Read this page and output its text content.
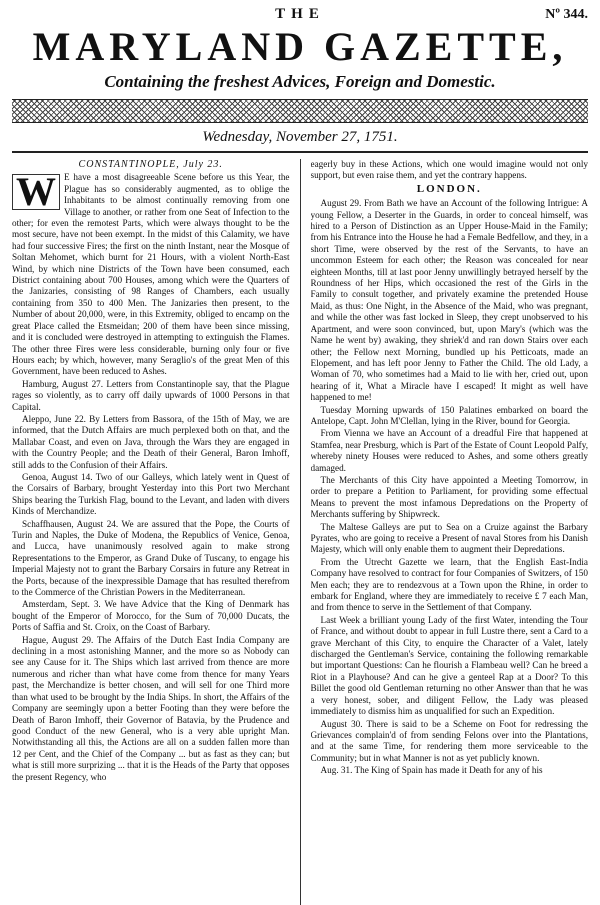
THE	Nº 344.
MARYLAND GAZETTE,
Containing the freshest Advices, Foreign and Domestic.
Wednesday, November 27, 1751.
CONSTANTINOPLE, July 23.

W E have a most disagreeable Scene before us this Year, the Plague has so considerably augmented, as to oblige the Inhabitants to be almost continually removing from one Village to another, or rather from one Seat of Infection to the other; for even the remotest Parts, which were always thought to be the most secure, have not been exempt. In the midst of this Calamity, we have had four successive Fires; the first on the ninth Instant, near the Mosque of Soltan Mehomet, which burnt for 21 Hours, with a violent North-East Wind, by which nine Districts of the Town have been consumed, each District containing about 700 Houses, among which were the Quarters of the Janizaries, consisting of 98 Ranges of Chambers, each usually containing from 350 to 400 Men. The Janizaries then present, to the Number of about 20,000, were, in this Extremity, obliged to encamp on the great Place called the Etsmeidan; 200 of them have been since missing, and it is concluded were destroyed in attempting to extinguish the Flames. The other three Fires were less considerable, burning only four or five Hours each; by which, however, many Seraglio's of the great Men of this Government, have been reduced to Ashes.

Hamburg, August 27. Letters from Constantinople say, that the Plague rages so violently, as to carry off daily upwards of 1000 Persons in that Capital.

Aleppo, June 22. By Letters from Bassora, of the 15th of May, we are informed, that the Dutch Affairs are much perplexed both on that, and the Mallabar Coast, and even on Java, through the Wars they are engaged in with the Country People; and the Death of their General, Baron Imhoff, still adds to the Confusion of their Affairs.

Genoa, August 14. Two of our Galleys, which lately went in Quest of the Corsairs of Barbary, brought Yesterday into this Port two Merchant Ships bearing the Turkish Flag, bound to the Levant, and laden with divers Kinds of Merchandize.

Schaffhausen, August 24. We are assured that the Pope, the Courts of Turin and Naples, the Duke of Modena, the Republics of Venice, Genoa, and Lucca, have unanimously resolved again to make strong Representations to the Emperor, as Grand Duke of Tuscany, to engage his Imperial Majesty not to grant the Barbary Corsairs in future any Retreat in the Ports, because of the inexpressible Damage that has resulted therefrom to the Commerce of the Christian Powers in the Mediterranean.

Amsterdam, Sept. 3. We have Advice that the King of Denmark has bought of the Emperor of Morocco, for the Sum of 70,000 Ducats, the Ports of Saffia and St. Croix, on the Coast of Barbary.

Hague, August 29. The Affairs of the Dutch East India Company are declining in a most astonishing Manner, and the more so as Nobody can see any Cause for it. The Ships which last arrived from thence are more numerous and richer than what have come from thence for many Years past, the Merchandize is better chosen, and will sell for one Third more than what used to be brought by the India Ships. In short, the Affairs of the Company are seemingly upon a better Footing than they were before the Death of Baron Imhoff, their Governor of Batavia, by the Prudence and good Conduct of the new General, who is a very able upright Man. Notwithstanding all this, the Actions are all on a sudden fallen more than 12 per Cent, and the Chief of the Company ... but as fast as they can; but what is still more surprizing ... that it is the Heads of the Party that opposes the present Regency, who

eagerly buy in these Actions, which one would imagine would not only support, but even raise them, and yet the contrary happens.

LONDON.

August 29. From Bath we have an Account of the following Intrigue: A young Fellow, a Deserter in the Guards, in order to conceal himself, was hired to a Person of Distinction as an Upper House-Maid in the Family; from his Entrance into the House he had a Female Bedfellow, and they, in a short Time, were observed by the rest of the Servants, to have an uncommon Esteem for each other; the Reason was concealed for near eighteen Months, till at last poor Jenny unwillingly betrayed herself by the Roundness of her Hips, which occasioned the rest of the Girls in the Family to consult together, and privately examine the pretended House Maid, as thus: One Night, in the Absence of the Maid, who was pregnant, and while the other was fast locked in Sleep, they crept unobserved to his Apartment, and were soon convinced, but, upon Mary's (which was the Name he went by) awaking, they shriek'd and ran down Stairs over each other; the Fellow next Morning, bundled up his Petticoats, made an Elopement, and has left poor Jenny to Father the Child. The old Lady, a Woman of 70, who sometimes had a Maid to lie with her, cried out, upon hearing of it, What a Miracle have I escaped! It might as well have happened to me!

Tuesday Morning upwards of 150 Palatines embarked on board the Antelope, Capt. John M'Clellan, lying in the River, bound for Georgia.

From Vienna we have an Account of a dreadful Fire that happened at Stamfea, near Presburg, which is Part of the Estate of Count Leopold Palfy, whereby ninety Houses were reduced to Ashes, and some others greatly damaged.

The Merchants of this City have appointed a Meeting Tomorrow, in order to prepare a Petition to Parliament, for providing some effectual Means to prevent the most infamous Depredations on the Property of Merchants suffering by Shipwreck.

The Maltese Galleys are put to Sea on a Cruize against the Barbary Pyrates, who are going to receive a Present of naval Stores from his Danish Majesty, which will only enable them to augment their Depredations.

From the Utrecht Gazette we learn, that the English East-India Company have resolved to contract for four Companies of Switzers, of 150 Men each; they are to rendezvous at a Town upon the Rhine, in order to embark for England, where they are immediately to receive £ 7 each Man, and from thence to serve in the Settlement of that Company.

Last Week a brilliant young Lady of the first Water, intending the Tour of France, and without doubt to appear in full Lustre there, sent a Card to a grave Merchant of this City, to enquire the Character of a Valet, lately discharged the Gentleman's Service, containing the following remarkable but important Questions: Can he flourish a Flambeau well? Can he breed a Riot in a Playhouse? And can he give a genteel Rap at a Door? To this Billet the good old Gentleman returning no other Answer than that he was a very honest, sober, and diligent Fellow, the Lady was pleased immediately to dismiss him as unqualified for such an Expedition.

August 30. There is said to be a Scheme on Foot for redressing the Grievances complain'd of from sending Felons over into the Plantations, and at the same Time, for rendering them more serviceable to the Community; but in what Manner is not as yet publicly known.

Aug. 31. The King of Spain has made it Death for any of his
